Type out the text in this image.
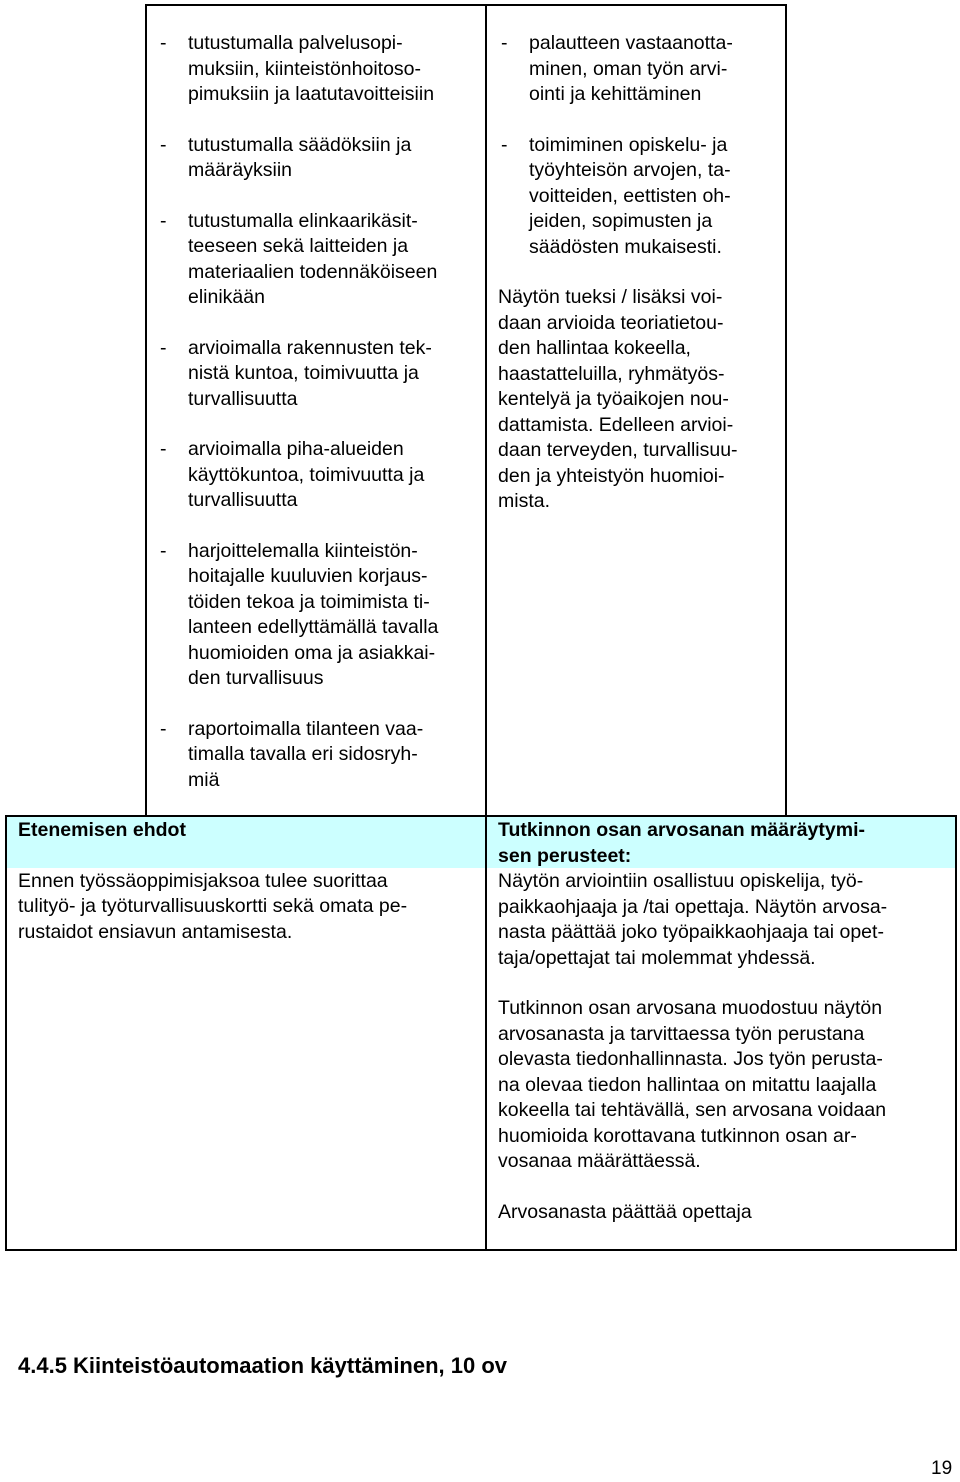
- tutustumalla palvelusopi-
muksiin, kiinteistönhoitoso-
pimuksiin ja laatutavoitteisiin
- tutustumalla säädöksiin ja
määräyksiin
- tutustumalla elinkaarikäsit-
teeseen sekä laitteiden ja
materiaalien todennäköiseen
elinikään
- arvioimalla rakennusten tek-
nistä kuntoa, toimivuutta ja
turvallisuutta
- arvioimalla piha-alueiden
käyttökuntoa, toimivuutta ja
turvallisuutta
- harjoittelemalla kiinteistön-
hoitajalle kuuluvien korjaus-
töiden tekoa ja toimimista ti-
lanteen edellyttämällä tavalla
huomioiden oma ja asiakkai-
den turvallisuus
- raportoimalla tilanteen vaa-
timalla tavalla eri sidosryh-
miä
- palautteen vastaanotta-
minen, oman työn arvi-
ointi ja kehittäminen
- toimiminen opiskelu- ja
työyhteisön arvojen, ta-
voitteiden, eettisten oh-
jeiden, sopimusten ja
säädösten mukaisesti.

Näytön tueksi / lisäksi voi-
daan arvioida teoriatietou-
den hallintaa kokeella,
haastatteluilla, ryhmätyös-
kentelyä ja työaikojen nou-
dattamista. Edelleen arvioi-
daan terveyden, turvallisuu-
den ja yhteistyön huomioi-
mista.

Etenemisen ehdot

Ennen työssäoppimisjaksoa tulee suorittaa
tulityö- ja työturvallisuuskortti sekä omata pe-
rustaidot ensiavun antamisesta.

Tutkinnon osan arvosanan määräytymi-
sen perusteet:

Näytön arviointiin osallistuu opiskelija, työ-
paikkaohjaaja ja /tai opettaja. Näytön arvosa-
nasta päättää joko työpaikkaohjaaja tai opet-
taja/opettajat tai molemmat yhdessä.

Tutkinnon osan arvosana muodostuu näytön
arvosanasta ja tarvittaessa työn perustana
olevasta tiedonhallinnasta. Jos työn perusta-
na olevaa tiedon hallintaa on mitattu laajalla
kokeella tai tehtävällä, sen arvosana voidaan
huomioida korottavana tutkinnon osan ar-
vosanaa määrättäessä.

Arvosanasta päättää opettaja

4.4.5 Kiinteistöautomaation käyttäminen, 10 ov
19
